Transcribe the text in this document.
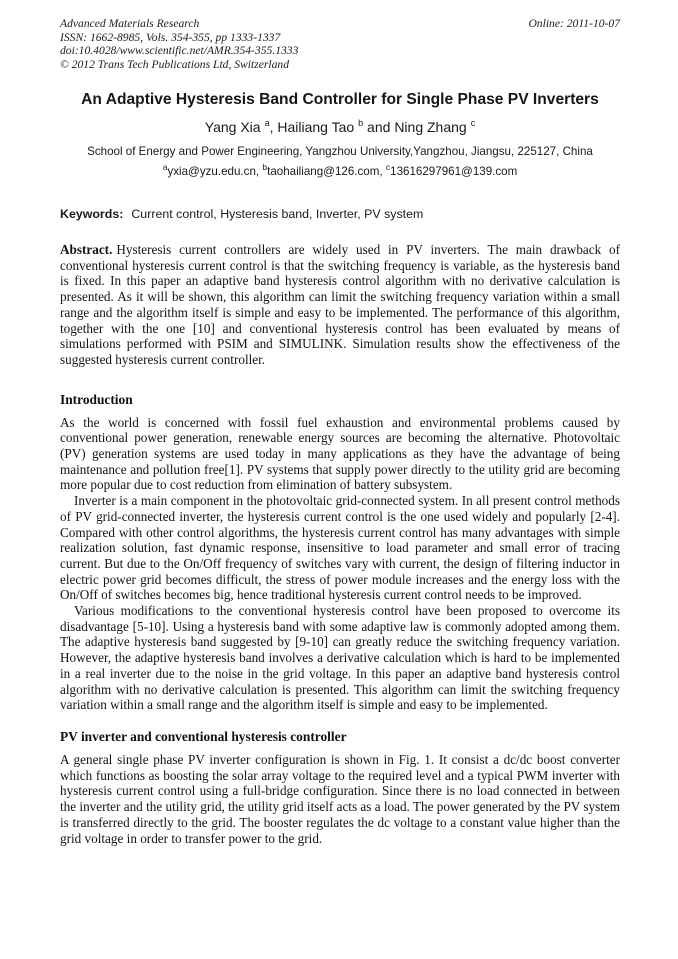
Advanced Materials Research
ISSN: 1662-8985, Vols. 354-355, pp 1333-1337
doi:10.4028/www.scientific.net/AMR.354-355.1333
© 2012 Trans Tech Publications Ltd, Switzerland
Online: 2011-10-07
An Adaptive Hysteresis Band Controller for Single Phase PV Inverters
Yang Xia $^a$, Hailiang Tao $^b$ and Ning Zhang $^c$
School of Energy and Power Engineering, Yangzhou University,Yangzhou, Jiangsu, 225127, China
$^a$yxia@yzu.edu.cn, $^b$taohailiang@126.com, $^c$13616297961@139.com

Keywords: Current control, Hysteresis band, Inverter, PV system

Abstract. Hysteresis current controllers are widely used in PV inverters. The main drawback of conventional hysteresis current control is that the switching frequency is variable, as the hysteresis band is fixed. In this paper an adaptive band hysteresis control algorithm with no derivative calculation is presented. As it will be shown, this algorithm can limit the switching frequency variation within a small range and the algorithm itself is simple and easy to be implemented. The performance of this algorithm, together with the one [10] and conventional hysteresis control has been evaluated by means of simulations performed with PSIM and SIMULINK. Simulation results show the effectiveness of the suggested hysteresis current controller.

Introduction

As the world is concerned with fossil fuel exhaustion and environmental problems caused by conventional power generation, renewable energy sources are becoming the alternative. Photovoltaic (PV) generation systems are used today in many applications as they have the advantage of being maintenance and pollution free[1]. PV systems that supply power directly to the utility grid are becoming more popular due to cost reduction from elimination of battery subsystem.

Inverter is a main component in the photovoltaic grid-connected system. In all present control methods of PV grid-connected inverter, the hysteresis current control is the one used widely and popularly [2-4]. Compared with other control algorithms, the hysteresis current control has many advantages with simple realization solution, fast dynamic response, insensitive to load parameter and small error of tracing current. But due to the On/Off frequency of switches vary with current, the design of filtering inductor in electric power grid becomes difficult, the stress of power module increases and the energy loss with the On/Off of switches becomes big, hence traditional hysteresis current control needs to be improved.

Various modifications to the conventional hysteresis control have been proposed to overcome its disadvantage [5-10]. Using a hysteresis band with some adaptive law is commonly adopted among them. The adaptive hysteresis band suggested by [9-10] can greatly reduce the switching frequency variation. However, the adaptive hysteresis band involves a derivative calculation which is hard to be implemented in a real inverter due to the noise in the grid voltage. In this paper an adaptive band hysteresis control algorithm with no derivative calculation is presented. This algorithm can limit the switching frequency variation within a small range and the algorithm itself is simple and easy to be implemented.

PV inverter and conventional hysteresis controller

A general single phase PV inverter configuration is shown in Fig. 1. It consist a dc/dc boost converter which functions as boosting the solar array voltage to the required level and a typical PWM inverter with hysteresis current control using a full-bridge configuration. Since there is no load connected in between the inverter and the utility grid, the utility grid itself acts as a load. The power generated by the PV system is transferred directly to the grid. The booster regulates the dc voltage to a constant value higher than the grid voltage in order to transfer power to the grid.
